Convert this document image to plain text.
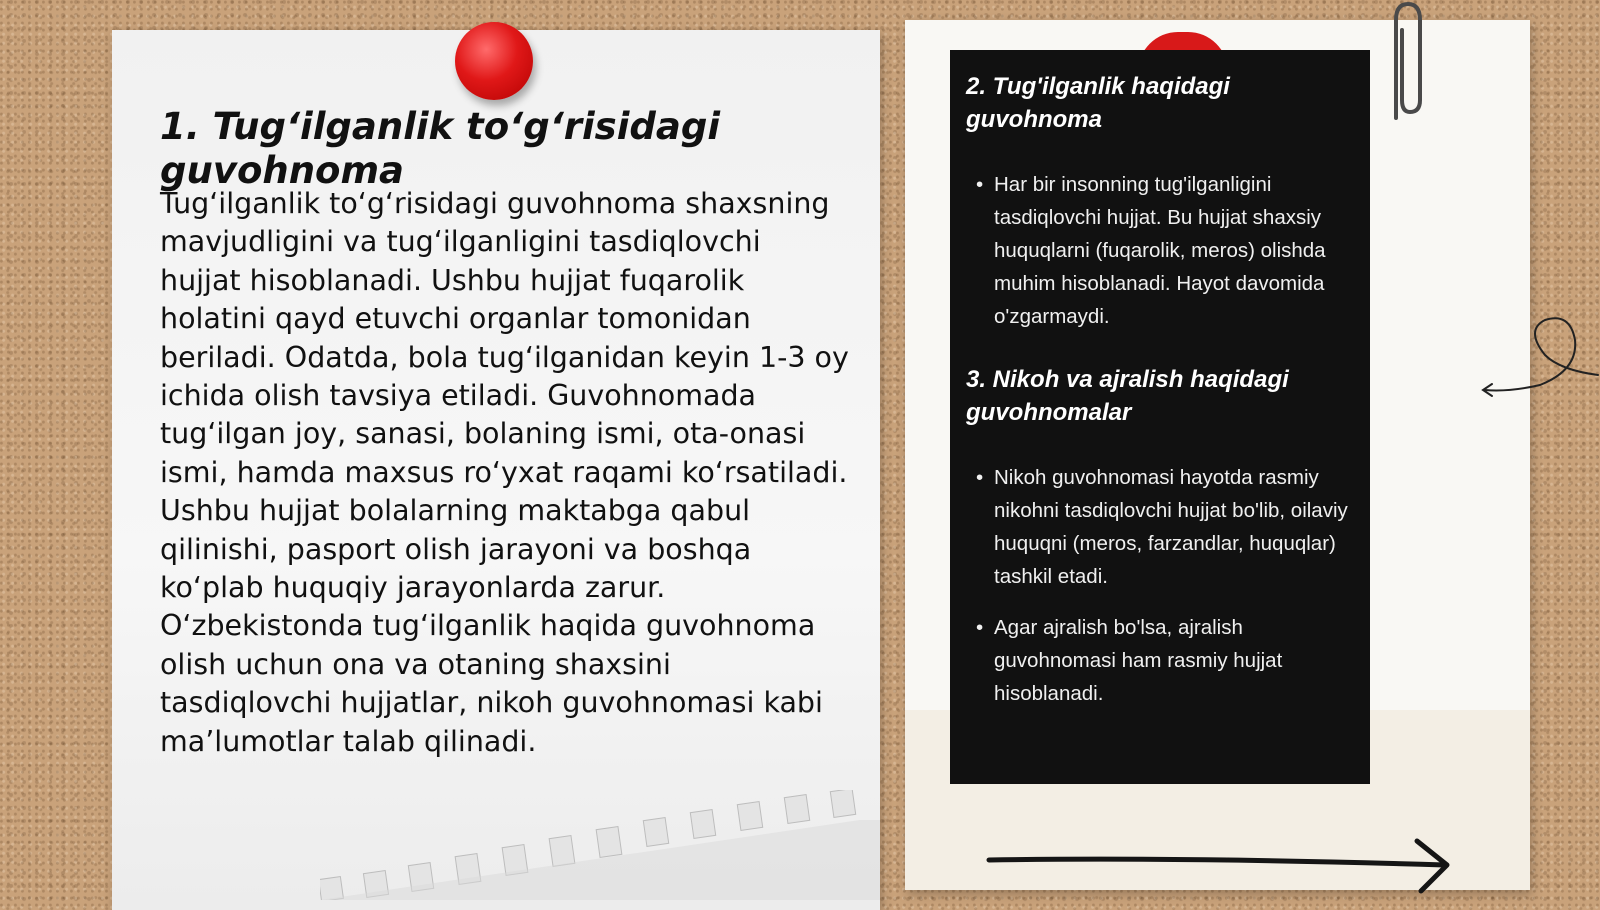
1. Tug‘ilganlik to‘g‘risidagi guvohnoma

Tug‘ilganlik to‘g‘risidagi guvohnoma shaxsning mavjudligini va tug‘ilganligini tasdiqlovchi hujjat hisoblanadi. Ushbu hujjat fuqarolik holatini qayd etuvchi organlar tomonidan beriladi. Odatda, bola tug‘ilganidan keyin 1-3 oy ichida olish tavsiya etiladi. Guvohnomada tug‘ilgan joy, sanasi, bolaning ismi, ota-onasi ismi, hamda maxsus ro‘yxat raqami ko‘rsatiladi. Ushbu hujjat bolalarning maktabga qabul qilinishi, pasport olish jarayoni va boshqa ko‘plab huquqiy jarayonlarda zarur. O‘zbekistonda tug‘ilganlik haqida guvohnoma olish uchun ona va otaning shaxsini tasdiqlovchi hujjatlar, nikoh guvohnomasi kabi ma’lumotlar talab qilinadi.

2. Tug'ilganlik haqidagi guvohnoma
• Har bir insonning tug'ilganligini tasdiqlovchi hujjat. Bu hujjat shaxsiy huquqlarni (fuqarolik, meros) olishda muhim hisoblanadi. Hayot davomida o'zgarmaydi.
3. Nikoh va ajralish haqidagi guvohnomalar
• Nikoh guvohnomasi hayotda rasmiy nikohni tasdiqlovchi hujjat bo'lib, oilaviy huquqni (meros, farzandlar, huquqlar) tashkil etadi.
• Agar ajralish bo'lsa, ajralish guvohnomasi ham rasmiy hujjat hisoblanadi.
